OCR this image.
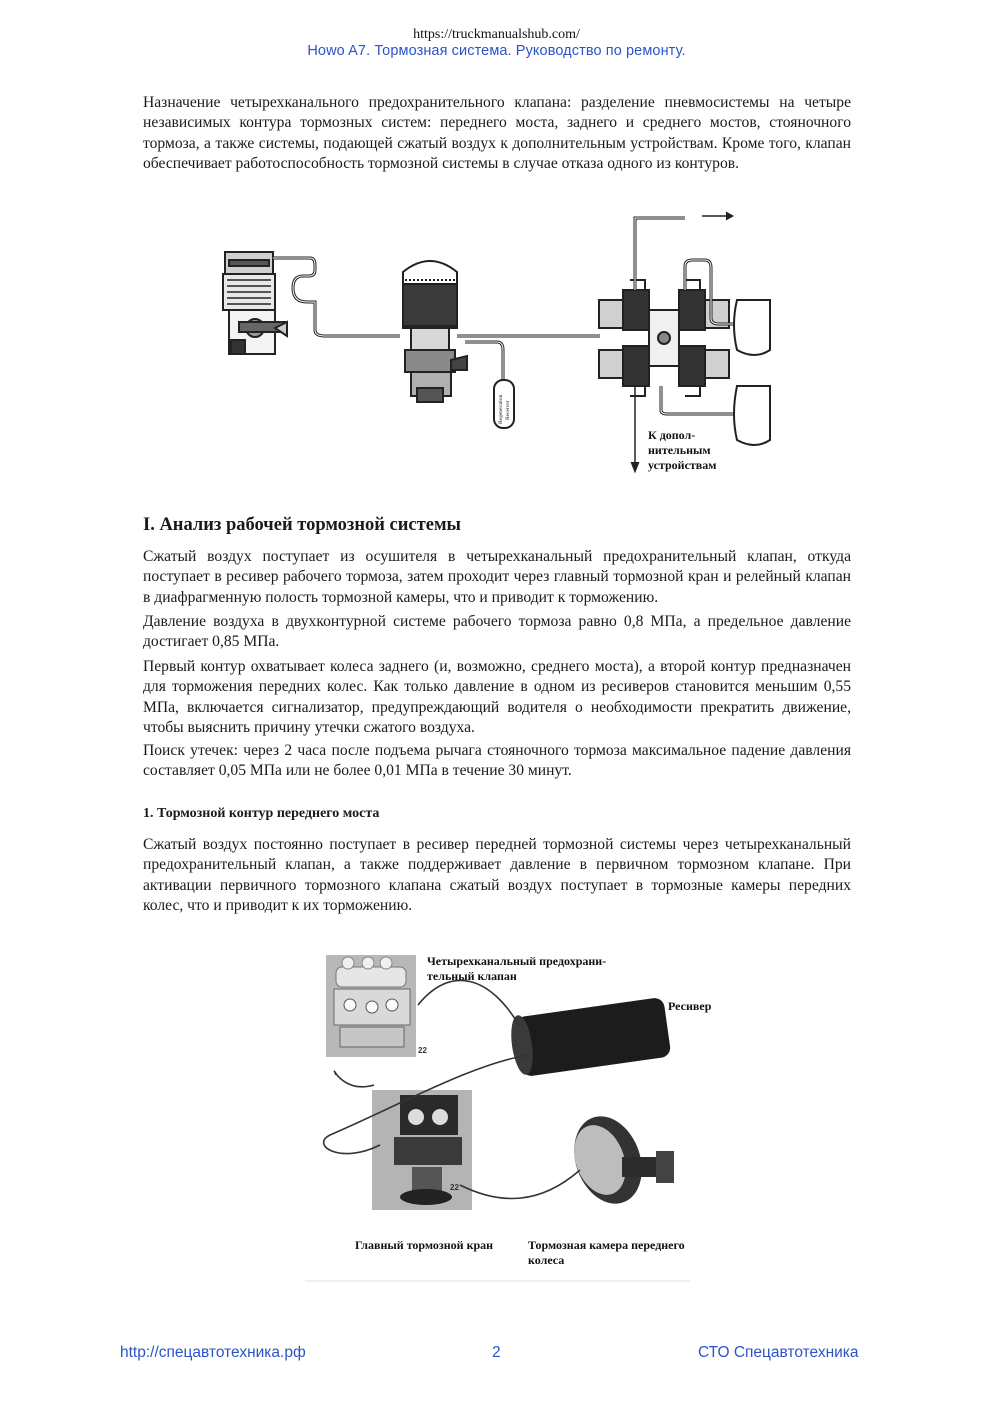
https://truckmanualshub.com/
Howo A7. Тормозная система. Руководство по ремонту.

Назначение четырехканального предохранительного клапана: разделение пневмосистемы на четыре независимых контура тормозных систем: переднего моста, заднего и среднего мостов, стояночного тормоза, а также системы, подающей сжатый воздух к дополнительным устройствам. Кроме того, клапан обеспечивает работоспособность тормозной системы в случае отказа одного из контуров.

Regeneration Receiver
К допол-
нительным
устройствам
I. Анализ рабочей тормозной системы

Сжатый воздух поступает из осушителя в четырехканальный предохранительный клапан, откуда поступает в ресивер рабочего тормоза, затем проходит через главный тормозной кран и релейный клапан в диафрагменную полость тормозной камеры, что и приводит к торможению.

Давление воздуха в двухконтурной системе рабочего тормоза равно 0,8 МПа, а предельное давление достигает 0,85 МПа.

Первый контур охватывает колеса заднего (и, возможно, среднего моста), а второй контур предназначен для торможения передних колес. Как только давление в одном из ресиверов становится меньшим 0,55 МПа, включается сигнализатор, предупреждающий водителя о необходимости прекратить движение, чтобы выяснить причину утечки сжатого воздуха.

Поиск утечек: через 2 часа после подъема рычага стояночного тормоза максимальное падение давления составляет 0,05 МПа или не более 0,01 МПа в течение 30 минут.

1. Тормозной контур переднего моста

Сжатый воздух постоянно поступает в ресивер передней тормозной системы через четырехканальный предохранительный клапан, а также поддерживает давление в первичном тормозном клапане. При активации первичного тормозного клапана сжатый воздух поступает в тормозные камеры передних колес, что и приводит к их торможению.

22
22
Четырехканальный предохрани-
тельный клапан
Ресивер
Главный тормозной кран	Тормозная камера переднего
колеса
http://спецавтотехника.рф	2	СТО Спецавтотехника
